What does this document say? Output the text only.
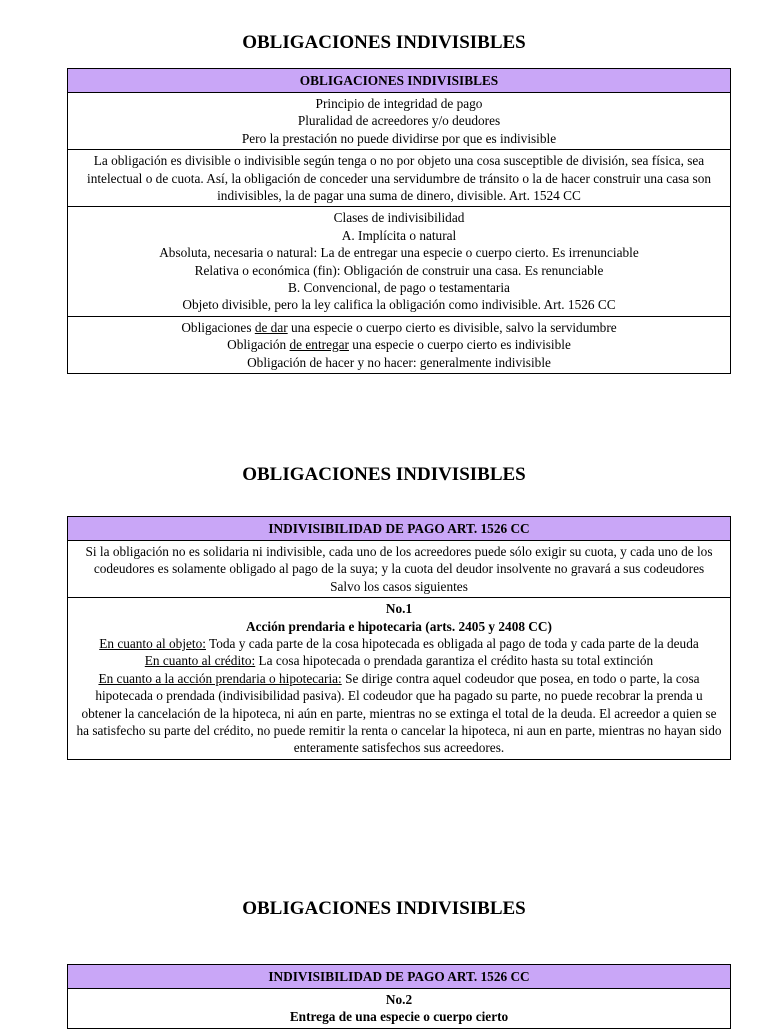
OBLIGACIONES INDIVISIBLES
OBLIGACIONES INDIVISIBLES

Principio de integridad de pago
Pluralidad de acreedores y/o deudores
Pero la prestación no puede dividirse por que es indivisible

La obligación es divisible o indivisible según tenga o no por objeto una cosa susceptible de división, sea física, sea intelectual o de cuota. Así, la obligación de conceder una servidumbre de tránsito o la de hacer construir una casa son indivisibles, la de pagar una suma de dinero, divisible. Art. 1524 CC

Clases de indivisibilidad
A. Implícita o natural
Absoluta, necesaria o natural: La de entregar una especie o cuerpo cierto. Es irrenunciable
Relativa o económica (fin): Obligación de construir una casa. Es renunciable
B. Convencional, de pago o testamentaria
Objeto divisible, pero la ley califica la obligación como indivisible. Art. 1526 CC

Obligaciones de dar una especie o cuerpo cierto es divisible, salvo la servidumbre
Obligación de entregar una especie o cuerpo cierto es indivisible
Obligación de hacer y no hacer: generalmente indivisible
OBLIGACIONES INDIVISIBLES
INDIVISIBILIDAD DE PAGO ART. 1526 CC

Si la obligación no es solidaria ni indivisible, cada uno de los acreedores puede sólo exigir su cuota, y cada uno de los codeudores es solamente obligado al pago de la suya; y la cuota del deudor insolvente no gravará a sus codeudores
Salvo los casos siguientes

No.1
Acción prendaria e hipotecaria (arts. 2405 y 2408 CC)
En cuanto al objeto: Toda y cada parte de la cosa hipotecada es obligada al pago de toda y cada parte de la deuda
En cuanto al crédito: La cosa hipotecada o prendada garantiza el crédito hasta su total extinción
En cuanto a la acción prendaria o hipotecaria: Se dirige contra aquel codeudor que posea, en todo o parte, la cosa hipotecada o prendada (indivisibilidad pasiva). El codeudor que ha pagado su parte, no puede recobrar la prenda u obtener la cancelación de la hipoteca, ni aún en parte, mientras no se extinga el total de la deuda. El acreedor a quien se ha satisfecho su parte del crédito, no puede remitir la renta o cancelar la hipoteca, ni aun en parte, mientras no hayan sido enteramente satisfechos sus acreedores.
OBLIGACIONES INDIVISIBLES
INDIVISIBILIDAD DE PAGO ART. 1526 CC

No.2
Entrega de una especie o cuerpo cierto
